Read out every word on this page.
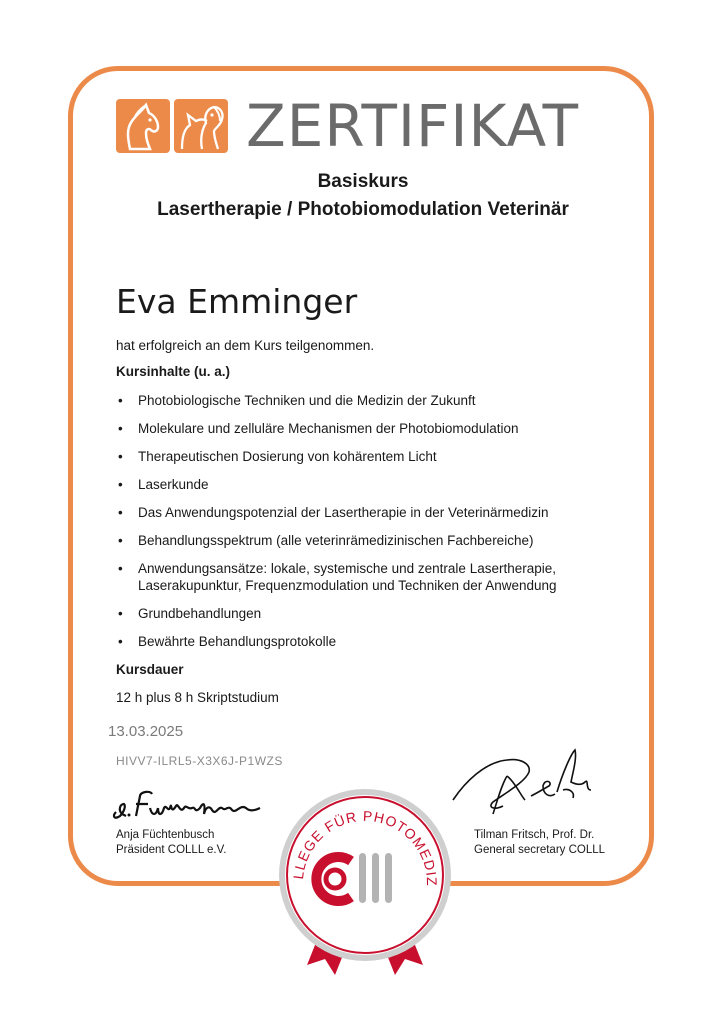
ZERTIFIKAT
Basiskurs
Lasertherapie / Photobiomodulation Veterinär
Eva Emminger
hat erfolgreich an dem Kurs teilgenommen.
Kursinhalte (u. a.)
• Photobiologische Techniken und die Medizin der Zukunft
• Molekulare und zelluläre Mechanismen der Photobiomodulation
• Therapeutischen Dosierung von kohärentem Licht
• Laserkunde
• Das Anwendungspotenzial der Lasertherapie in der Veterinärmedizin
• Behandlungsspektrum (alle veterinrämedizinischen Fachbereiche)
• Anwendungsansätze: lokale, systemische und zentrale Lasertherapie, Laserakupunktur, Frequenzmodulation und Techniken der Anwendung
• Grundbehandlungen
• Bewährte Behandlungsprotokolle
Kursdauer
12 h plus 8 h Skriptstudium
13.03.2025
HIVV7-ILRL5-X3X6J-P1WZS
Anja Füchtenbusch
Präsident COLLL e.V.
Tilman Fritsch, Prof. Dr.
General secretary COLLL
LLEGE FÜR PHOTOMEDIZ
